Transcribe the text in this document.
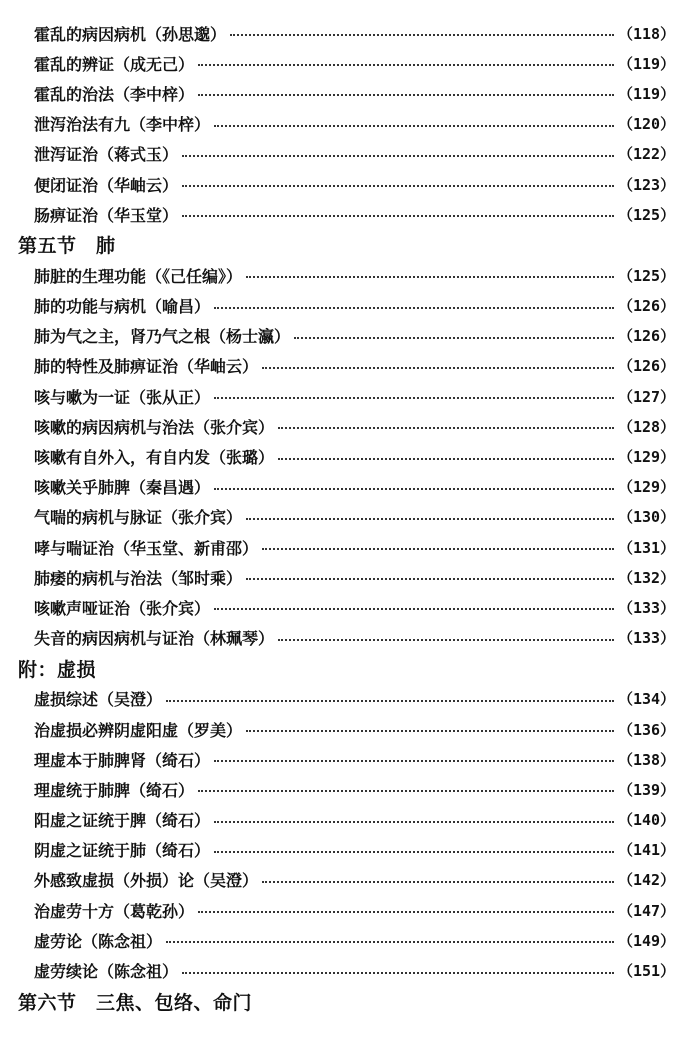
霍乱的病因病机（孙思邈）	（118）
霍乱的辨证（成无己）	（119）
霍乱的治法（李中梓）	（119）
泄泻治法有九（李中梓）	（120）
泄泻证治（蒋式玉）	（122）
便闭证治（华岫云）	（123）
肠痹证治（华玉堂）	（125）
第五节　肺
肺脏的生理功能（《己任编》）	（125）
肺的功能与病机（喻昌）	（126）
肺为气之主，肾乃气之根（杨士瀛）	（126）
肺的特性及肺痹证治（华岫云）	（126）
咳与嗽为一证（张从正）	（127）
咳嗽的病因病机与治法（张介宾）	（128）
咳嗽有自外入，有自内发（张璐）	（129）
咳嗽关乎肺脾（秦昌遇）	（129）
气喘的病机与脉证（张介宾）	（130）
哮与喘证治（华玉堂、新甫邵）	（131）
肺痿的病机与治法（邹时乘）	（132）
咳嗽声哑证治（张介宾）	（133）
失音的病因病机与证治（林珮琴）	（133）
附：虚损
虚损综述（吴澄）	（134）
治虚损必辨阴虚阳虚（罗美）	（136）
理虚本于肺脾肾（绮石）	（138）
理虚统于肺脾（绮石）	（139）
阳虚之证统于脾（绮石）	（140）
阴虚之证统于肺（绮石）	（141）
外感致虚损（外损）论（吴澄）	（142）
治虚劳十方（葛乾孙）	（147）
虚劳论（陈念祖）	（149）
虚劳续论（陈念祖）	（151）
第六节　三焦、包络、命门
